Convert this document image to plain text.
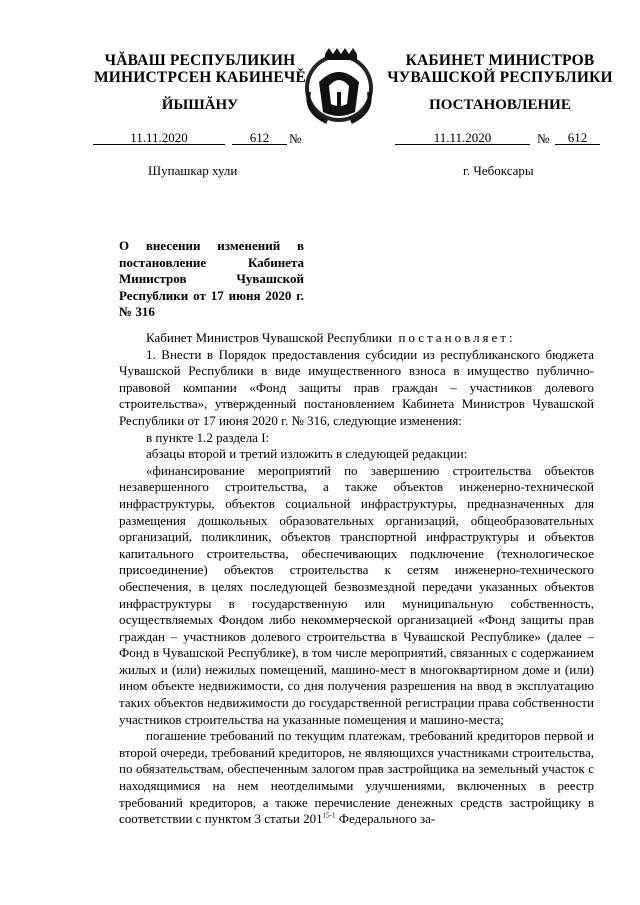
ЧĂВАШ РЕСПУБЛИКИН
МИНИСТРСЕН КАБИНЕЧĚ
ЙЫШĂНУ
КАБИНЕТ МИНИСТРОВ
ЧУВАШСКОЙ РЕСПУБЛИКИ
ПОСТАНОВЛЕНИЕ
11.11.2020	612	№
Шупашкар хули
11.11.2020	№	612
г. Чебоксары
О внесении изменений в постановление Кабинета Министров Чувашской Республики от 17 июня 2020 г. № 316

Кабинет Министров Чувашской Республики постановляет:

1. Внести в Порядок предоставления субсидии из республиканского бюджета Чувашской Республики в виде имущественного взноса в имущество публично-правовой компании «Фонд защиты прав граждан – участников долевого строительства», утвержденный постановлением Кабинета Министров Чувашской Республики от 17 июня 2020 г. № 316, следующие изменения:

в пункте 1.2 раздела I:

абзацы второй и третий изложить в следующей редакции:

«финансирование мероприятий по завершению строительства объектов незавершенного строительства, а также объектов инженерно-технической инфраструктуры, объектов социальной инфраструктуры, предназначенных для размещения дошкольных образовательных организаций, общеобразовательных организаций, поликлиник, объектов транспортной инфраструктуры и объектов капитального строительства, обеспечивающих подключение (технологическое присоединение) объектов строительства к сетям инженерно-технического обеспечения, в целях последующей безвозмездной передачи указанных объектов инфраструктуры в государственную или муниципальную собственность, осуществляемых Фондом либо некоммерческой организацией «Фонд защиты прав граждан – участников долевого строительства в Чувашской Республике» (далее – Фонд в Чувашской Республике), в том числе мероприятий, связанных с содержанием жилых и (или) нежилых помещений, машино-мест в многоквартирном доме и (или) ином объекте недвижимости, со дня получения разрешения на ввод в эксплуатацию таких объектов недвижимости до государственной регистрации права собственности участников строительства на указанные помещения и машино-места;

погашение требований по текущим платежам, требований кредиторов первой и второй очереди, требований кредиторов, не являющихся участниками строительства, по обязательствам, обеспеченным залогом прав застройщика на земельный участок с находящимися на нем неотделимыми улучшениями, включенных в реестр требований кредиторов, а также перечисление денежных средств застройщику в соответствии с пунктом 3 статьи 201$^{15-1}$ Федерального за-
